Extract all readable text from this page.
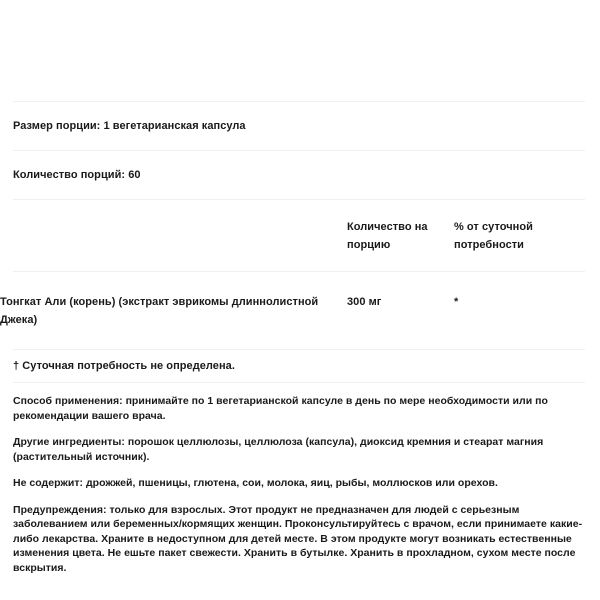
Размер порции: 1 вегетарианская капсула
Количество порций: 60
	Количество на порцию	% от суточной потребности
Тонгкат Али (корень) (экстракт эврикомы длиннолистной Джека)	300 мг	*
† Суточная потребность не определена.

Способ применения: принимайте по 1 вегетарианской капсуле в день по мере необходимости или по рекомендации вашего врача.

Другие ингредиенты: порошок целлюлозы, целлюлоза (капсула), диоксид кремния и стеарат магния (растительный источник).

Не содержит: дрожжей, пшеницы, глютена, сои, молока, яиц, рыбы, моллюсков или орехов.

Предупреждения: только для взрослых. Этот продукт не предназначен для людей с серьезным заболеванием или беременных/кормящих женщин. Проконсультируйтесь с врачом, если принимаете какие-либо лекарства. Храните в недоступном для детей месте. В этом продукте могут возникать естественные изменения цвета. Не ешьте пакет свежести. Хранить в бутылке. Хранить в прохладном, сухом месте после вскрытия.
